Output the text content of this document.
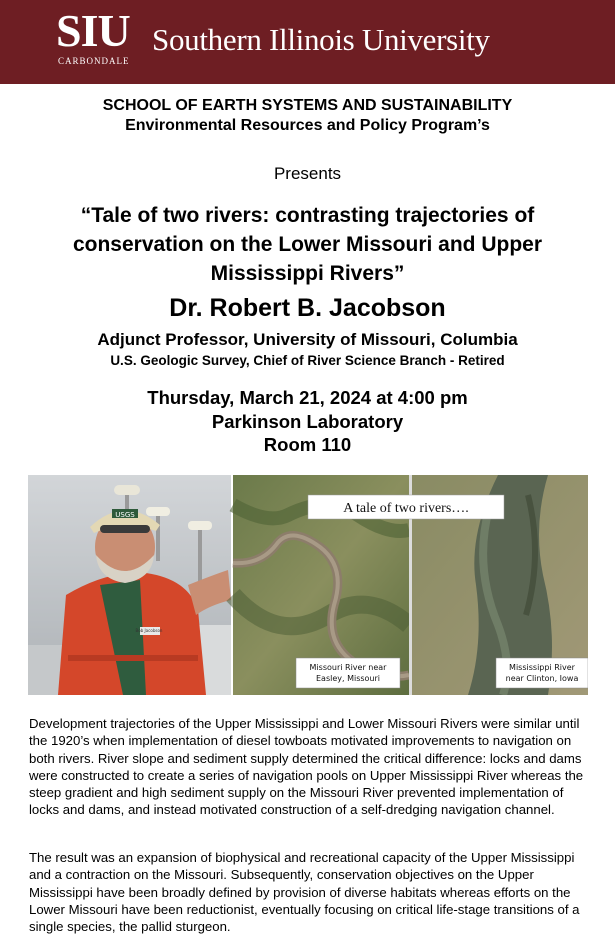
SIU
CARBONDALE
Southern Illinois University
SCHOOL OF EARTH SYSTEMS AND SUSTAINABILITY
Environmental Resources and Policy Program’s
Presents
“Tale of two rivers: contrasting trajectories of conservation on the Lower Missouri and Upper Mississippi Rivers”
Dr. Robert B. Jacobson
Adjunct Professor, University of Missouri, Columbia
U.S. Geologic Survey, Chief of River Science Branch - Retired
Thursday, March 21, 2024 at 4:00 pm
Parkinson Laboratory
Room 110
USGS
Bob Jacobson
Missouri River near
Easley, Missouri
Mississippi River
near Clinton, Iowa
A tale of two rivers….
Development trajectories of the Upper Mississippi and Lower Missouri Rivers were similar until the 1920’s when implementation of diesel towboats motivated improvements to navigation on both rivers. River slope and sediment supply determined the critical difference: locks and dams were constructed to create a series of navigation pools on Upper Mississippi River whereas the steep gradient and high sediment supply on the Missouri River prevented implementation of locks and dams, and instead motivated construction of a self-dredging navigation channel.
The result was an expansion of biophysical and recreational capacity of the Upper Mississippi and a contraction on the Missouri. Subsequently, conservation objectives on the Upper Mississippi have been broadly defined by provision of diverse habitats whereas efforts on the Lower Missouri have been reductionist, eventually focusing on critical life-stage transitions of a single species, the pallid sturgeon.
